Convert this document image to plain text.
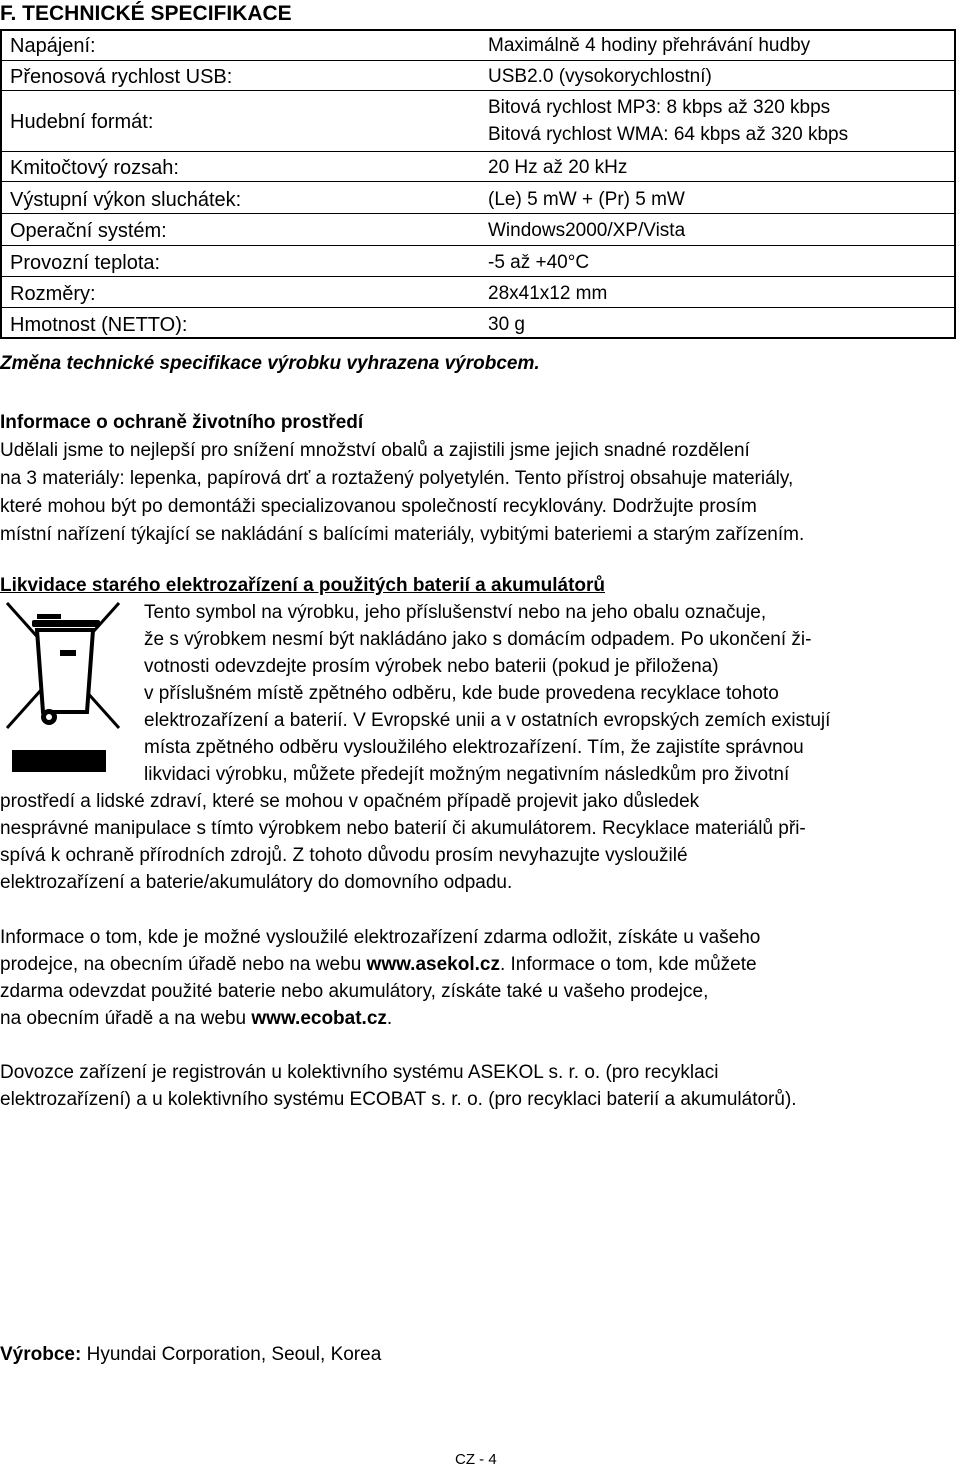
F. TECHNICKÉ SPECIFIKACE
Napájení:	Maximálně 4 hodiny přehrávání hudby
Přenosová rychlost USB:	USB2.0 (vysokorychlostní)
Hudební formát:
Bitová rychlost MP3: 8 kbps až 320 kbps
Bitová rychlost WMA: 64 kbps až 320 kbps
Kmitočtový rozsah:	20 Hz až 20 kHz
Výstupní výkon sluchátek:	(Le) 5 mW + (Pr) 5 mW
Operační systém:	Windows2000/XP/Vista
Provozní teplota:	-5 až +40°C
Rozměry:	28x41x12 mm
Hmotnost (NETTO):	30 g
Změna technické specifikace výrobku vyhrazena výrobcem.
Informace o ochraně životního prostředí
Udělali jsme to nejlepší pro snížení množství obalů a zajistili jsme jejich snadné rozdělení
na 3 materiály: lepenka, papírová drť a roztažený polyetylén. Tento přístroj obsahuje materiály,
které mohou být po demontáži specializovanou společností recyklovány. Dodržujte prosím
místní nařízení týkající se nakládání s balícími materiály, vybitými bateriemi a starým zařízením.
Likvidace starého elektrozařízení a použitých baterií a akumulátorů
Tento symbol na výrobku, jeho příslušenství nebo na jeho obalu označuje,
že s výrobkem nesmí být nakládáno jako s domácím odpadem. Po ukončení ži-
votnosti odevzdejte prosím výrobek nebo baterii (pokud je přiložena)
v příslušném místě zpětného odběru, kde bude provedena recyklace tohoto
elektrozařízení a baterií. V Evropské unii a v ostatních evropských zemích existují
místa zpětného odběru vysloužilého elektrozařízení. Tím, že zajistíte správnou
likvidaci výrobku, můžete předejít možným negativním následkům pro životní
prostředí a lidské zdraví, které se mohou v opačném případě projevit jako důsledek
nesprávné manipulace s tímto výrobkem nebo baterií či akumulátorem. Recyklace materiálů při-
spívá k ochraně přírodních zdrojů. Z tohoto důvodu prosím nevyhazujte vysloužilé
elektrozařízení a baterie/akumulátory do domovního odpadu.
Informace o tom, kde je možné vysloužilé elektrozařízení zdarma odložit, získáte u vašeho
prodejce, na obecním úřadě nebo na webu www.asekol.cz. Informace o tom, kde můžete
zdarma odevzdat použité baterie nebo akumulátory, získáte také u vašeho prodejce,
na obecním úřadě a na webu www.ecobat.cz.
Dovozce zařízení je registrován u kolektivního systému ASEKOL s. r. o. (pro recyklaci
elektrozařízení) a u kolektivního systému ECOBAT s. r. o. (pro recyklaci baterií a akumulátorů).
Výrobce: Hyundai Corporation, Seoul, Korea
CZ - 4
